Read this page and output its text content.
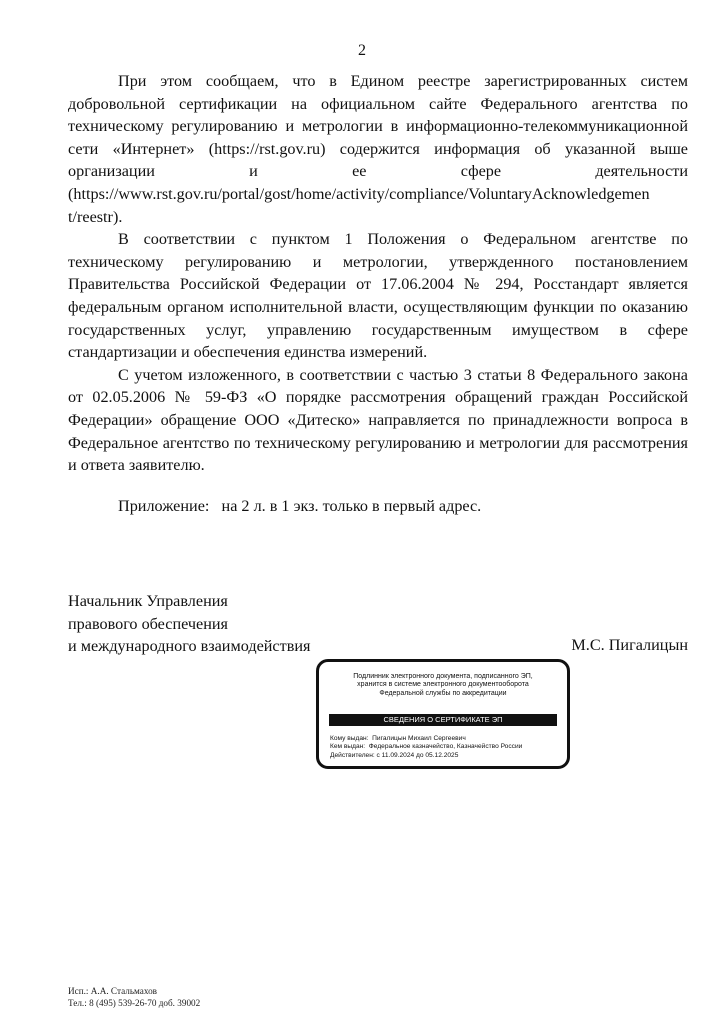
2

При этом сообщаем, что в Едином реестре зарегистрированных систем добровольной сертификации на официальном сайте Федерального агентства по техническому регулированию и метрологии в информационно-телекоммуникационной сети «Интернет» (https://rst.gov.ru) содержится информация об указанной выше организации и ее сфере деятельности (https://www.rst.gov.ru/portal/gost/home/activity/compliance/VoluntaryAcknowledgemen t/reestr).

В соответствии с пунктом 1 Положения о Федеральном агентстве по техническому регулированию и метрологии, утвержденного постановлением Правительства Российской Федерации от 17.06.2004 № 294, Росстандарт является федеральным органом исполнительной власти, осуществляющим функции по оказанию государственных услуг, управлению государственным имуществом в сфере стандартизации и обеспечения единства измерений.

С учетом изложенного, в соответствии с частью 3 статьи 8 Федерального закона от 02.05.2006 № 59-ФЗ «О порядке рассмотрения обращений граждан Российской Федерации» обращение ООО «Дитеско» направляется по принадлежности вопроса в Федеральное агентство по техническому регулированию и метрологии для рассмотрения и ответа заявителю.

Приложение: на 2 л. в 1 экз. только в первый адрес.
Начальник Управления
правового обеспечения
и международного взаимодействия	М.С. Пигалицын
Подлинник электронного документа, подписанного ЭП,
хранится в системе электронного документооборота
Федеральной службы по аккредитации
СВЕДЕНИЯ О СЕРТИФИКАТЕ ЭП
Кому выдан: Пигалицын Михаил Сергеевич
Кем выдан: Федеральное казначейство, Казначейство России
Действителен: с 11.09.2024 до 05.12.2025
Исп.: А.А. Стальмахов
Тел.: 8 (495) 539-26-70 доб. 39002
